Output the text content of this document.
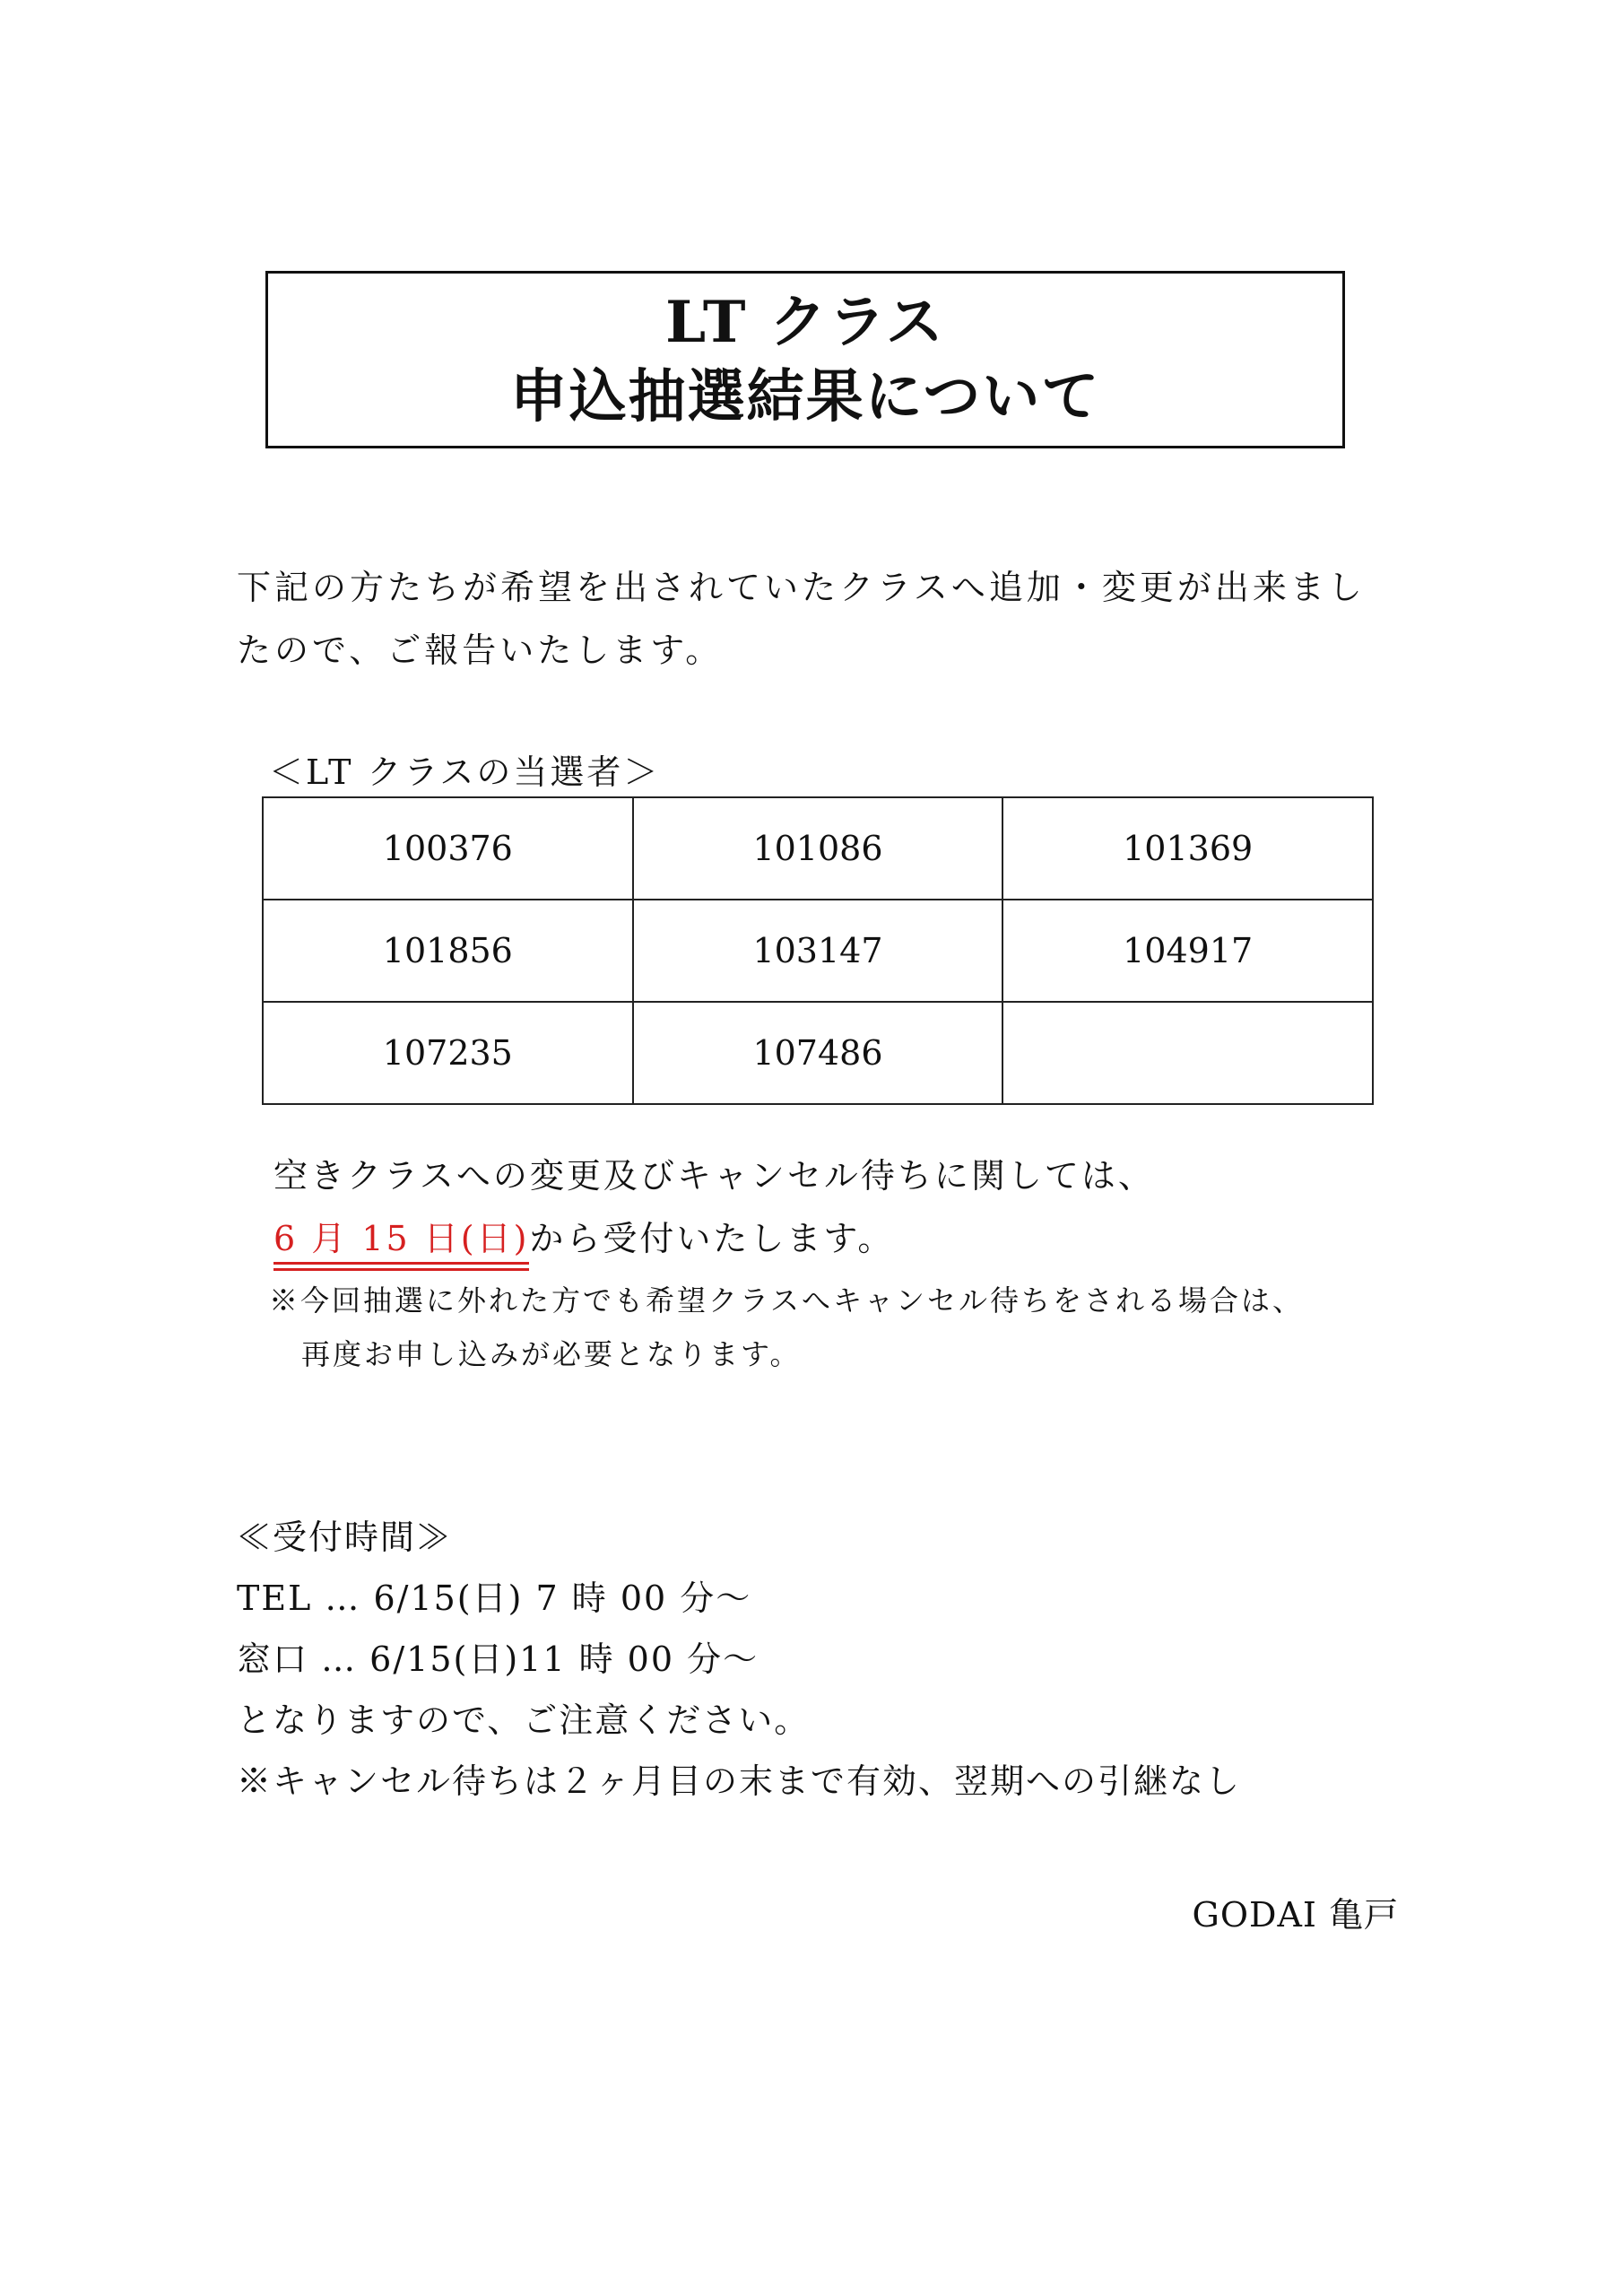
LT クラス
申込抽選結果について
下記の方たちが希望を出されていたクラスへ追加・変更が出来まし
たので、ご報告いたします。
＜LT クラスの当選者＞
100376	101086	101369
101856	103147	104917
107235	107486	
空きクラスへの変更及びキャンセル待ちに関しては、
6 月 15 日(日)から受付いたします。
※今回抽選に外れた方でも希望クラスへキャンセル待ちをされる場合は、
再度お申し込みが必要となります。
≪受付時間≫
TEL … 6/15(日) 7 時 00 分～
窓口 … 6/15(日)11 時 00 分～
となりますので、ご注意ください。
※キャンセル待ちは２ヶ月目の末まで有効、翌期への引継なし
GODAI 亀戸
